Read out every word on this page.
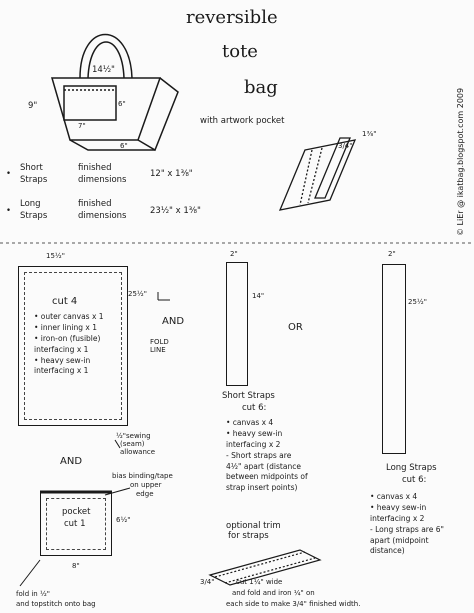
reversible
tote
bag
with artwork pocket
14½"
9"
7"
6"
6"	3/4"
1⅜"
•
Short
Straps
finished
dimensions
12" x 1⅜"
•
Long
Straps
finished
dimensions	23½" x 1⅜"	© LiEr @ ikatbag.blogspot.com 2009
15½"
25½"
cut 4
• outer canvas x 1
• inner lining x 1
• iron-on (fusible)
interfacing x 1
• heavy sew-in
interfacing x 1
FOLD
LINE
½"sewing
(seam)
allowance
AND
AND
OR
2"
14"
Short Straps
cut 6:
• canvas x 4
• heavy sew-in
interfacing x 2
- Short straps are
4½" apart (distance
between midpoints of
strap insert points)
2"
25½"
Long Straps
cut 6:
• canvas x 4
• heavy sew-in
interfacing x 2
- Long straps are 6"
apart (midpoint
distance)
pocket
cut 1	6½"
8"
bias binding/tape
on upper
edge
fold in ½"
and topstitch onto bag
optional trim
for straps
3/4"	cut 1¼" wide
and fold and iron ¼" on
each side to make 3/4" finished width.
